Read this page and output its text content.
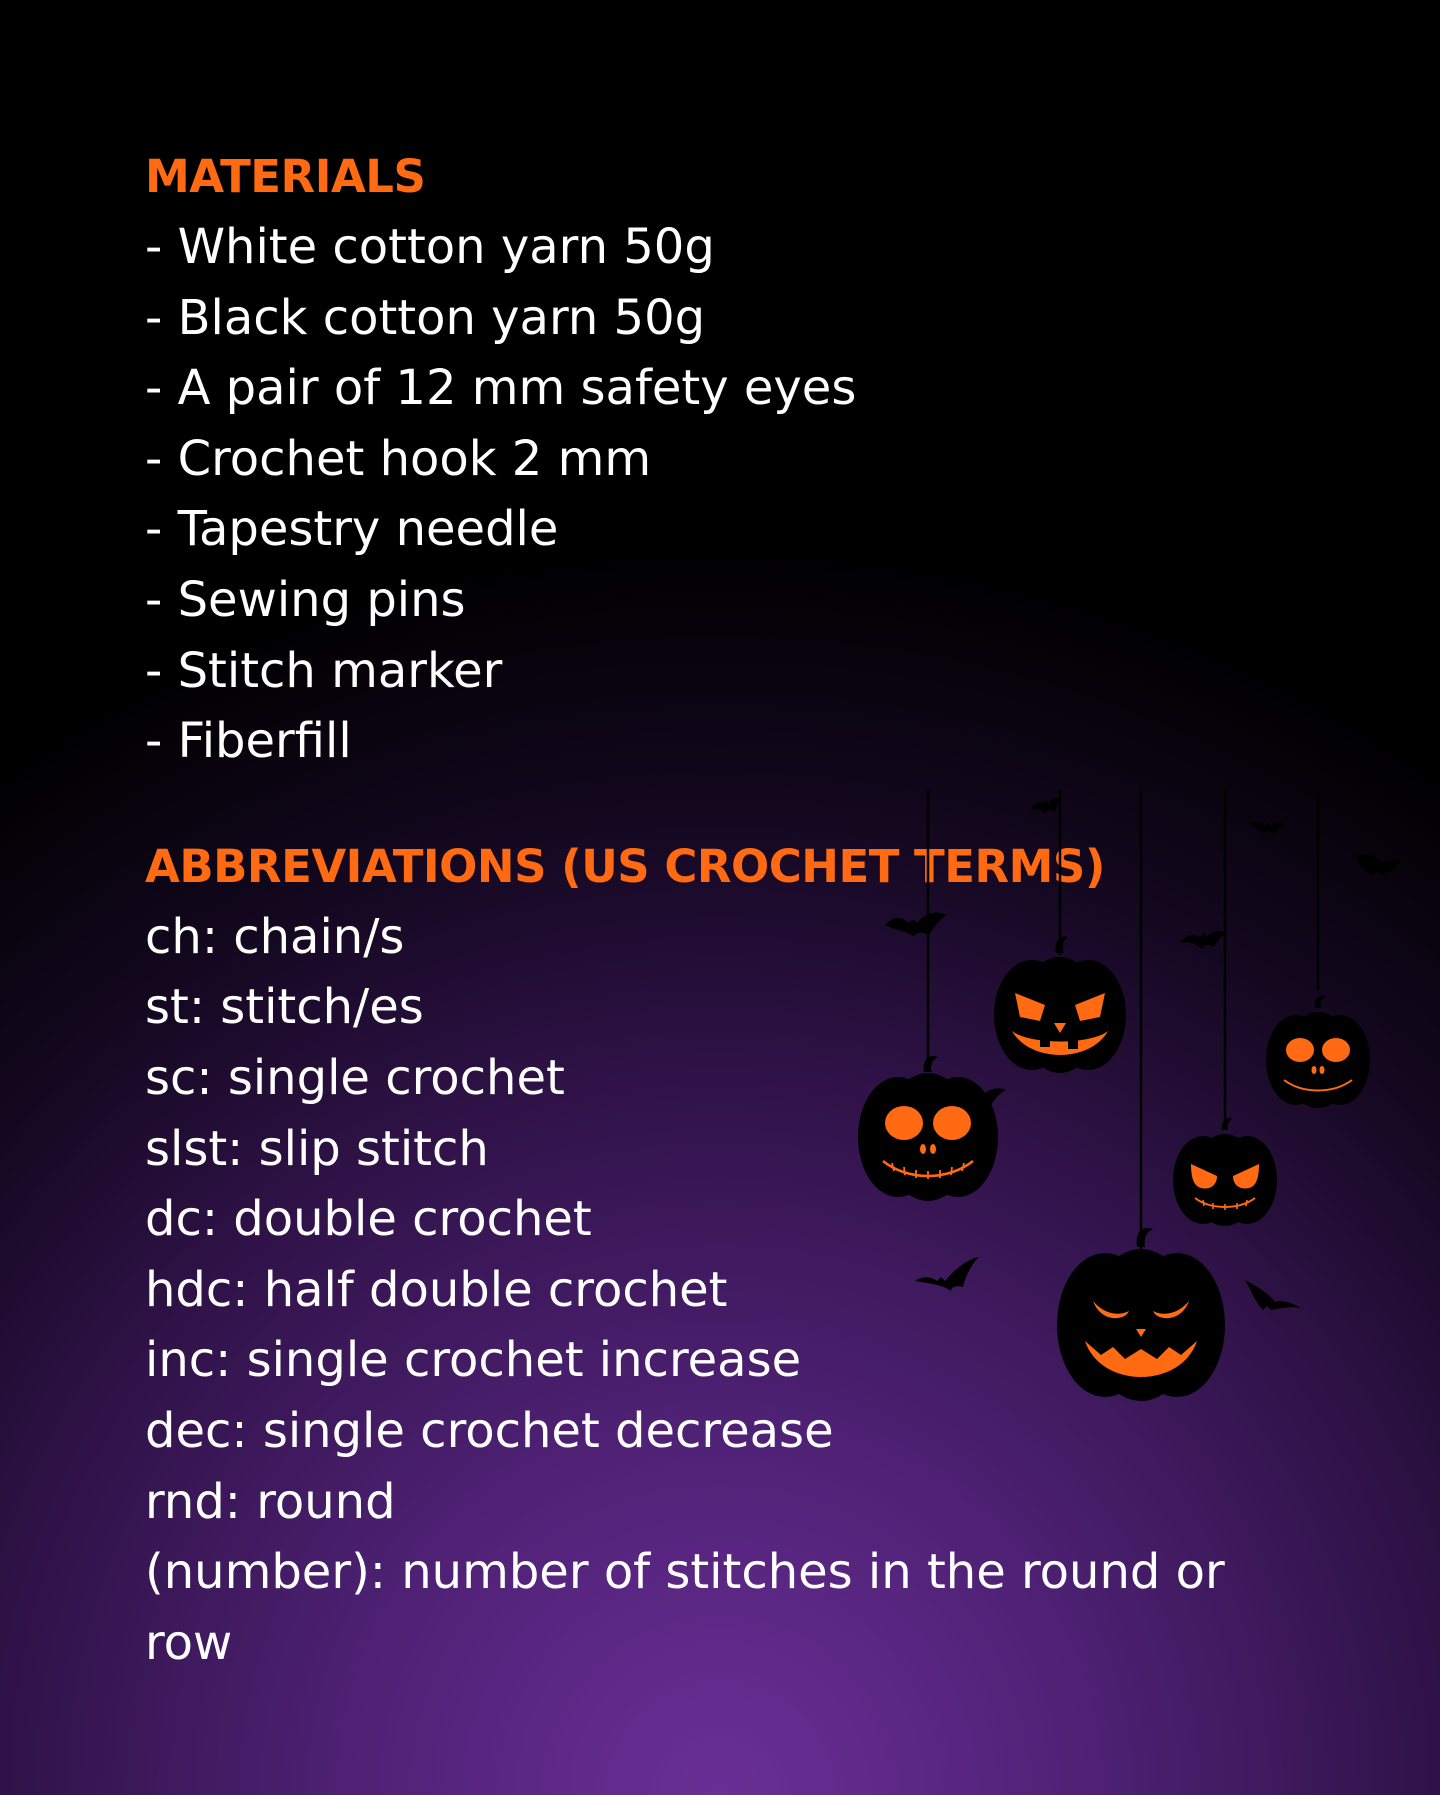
MATERIALS
- White cotton yarn 50g
- Black cotton yarn 50g
- A pair of 12 mm safety eyes
- Crochet hook 2 mm
- Tapestry needle
- Sewing pins
- Stitch marker
- Fiberfill
ABBREVIATIONS (US CROCHET TERMS)
ch: chain/s
st: stitch/es
sc: single crochet
slst: slip stitch
dc: double crochet
hdc: half double crochet
inc: single crochet increase
dec: single crochet decrease
rnd: round
(number): number of stitches in the round or row
